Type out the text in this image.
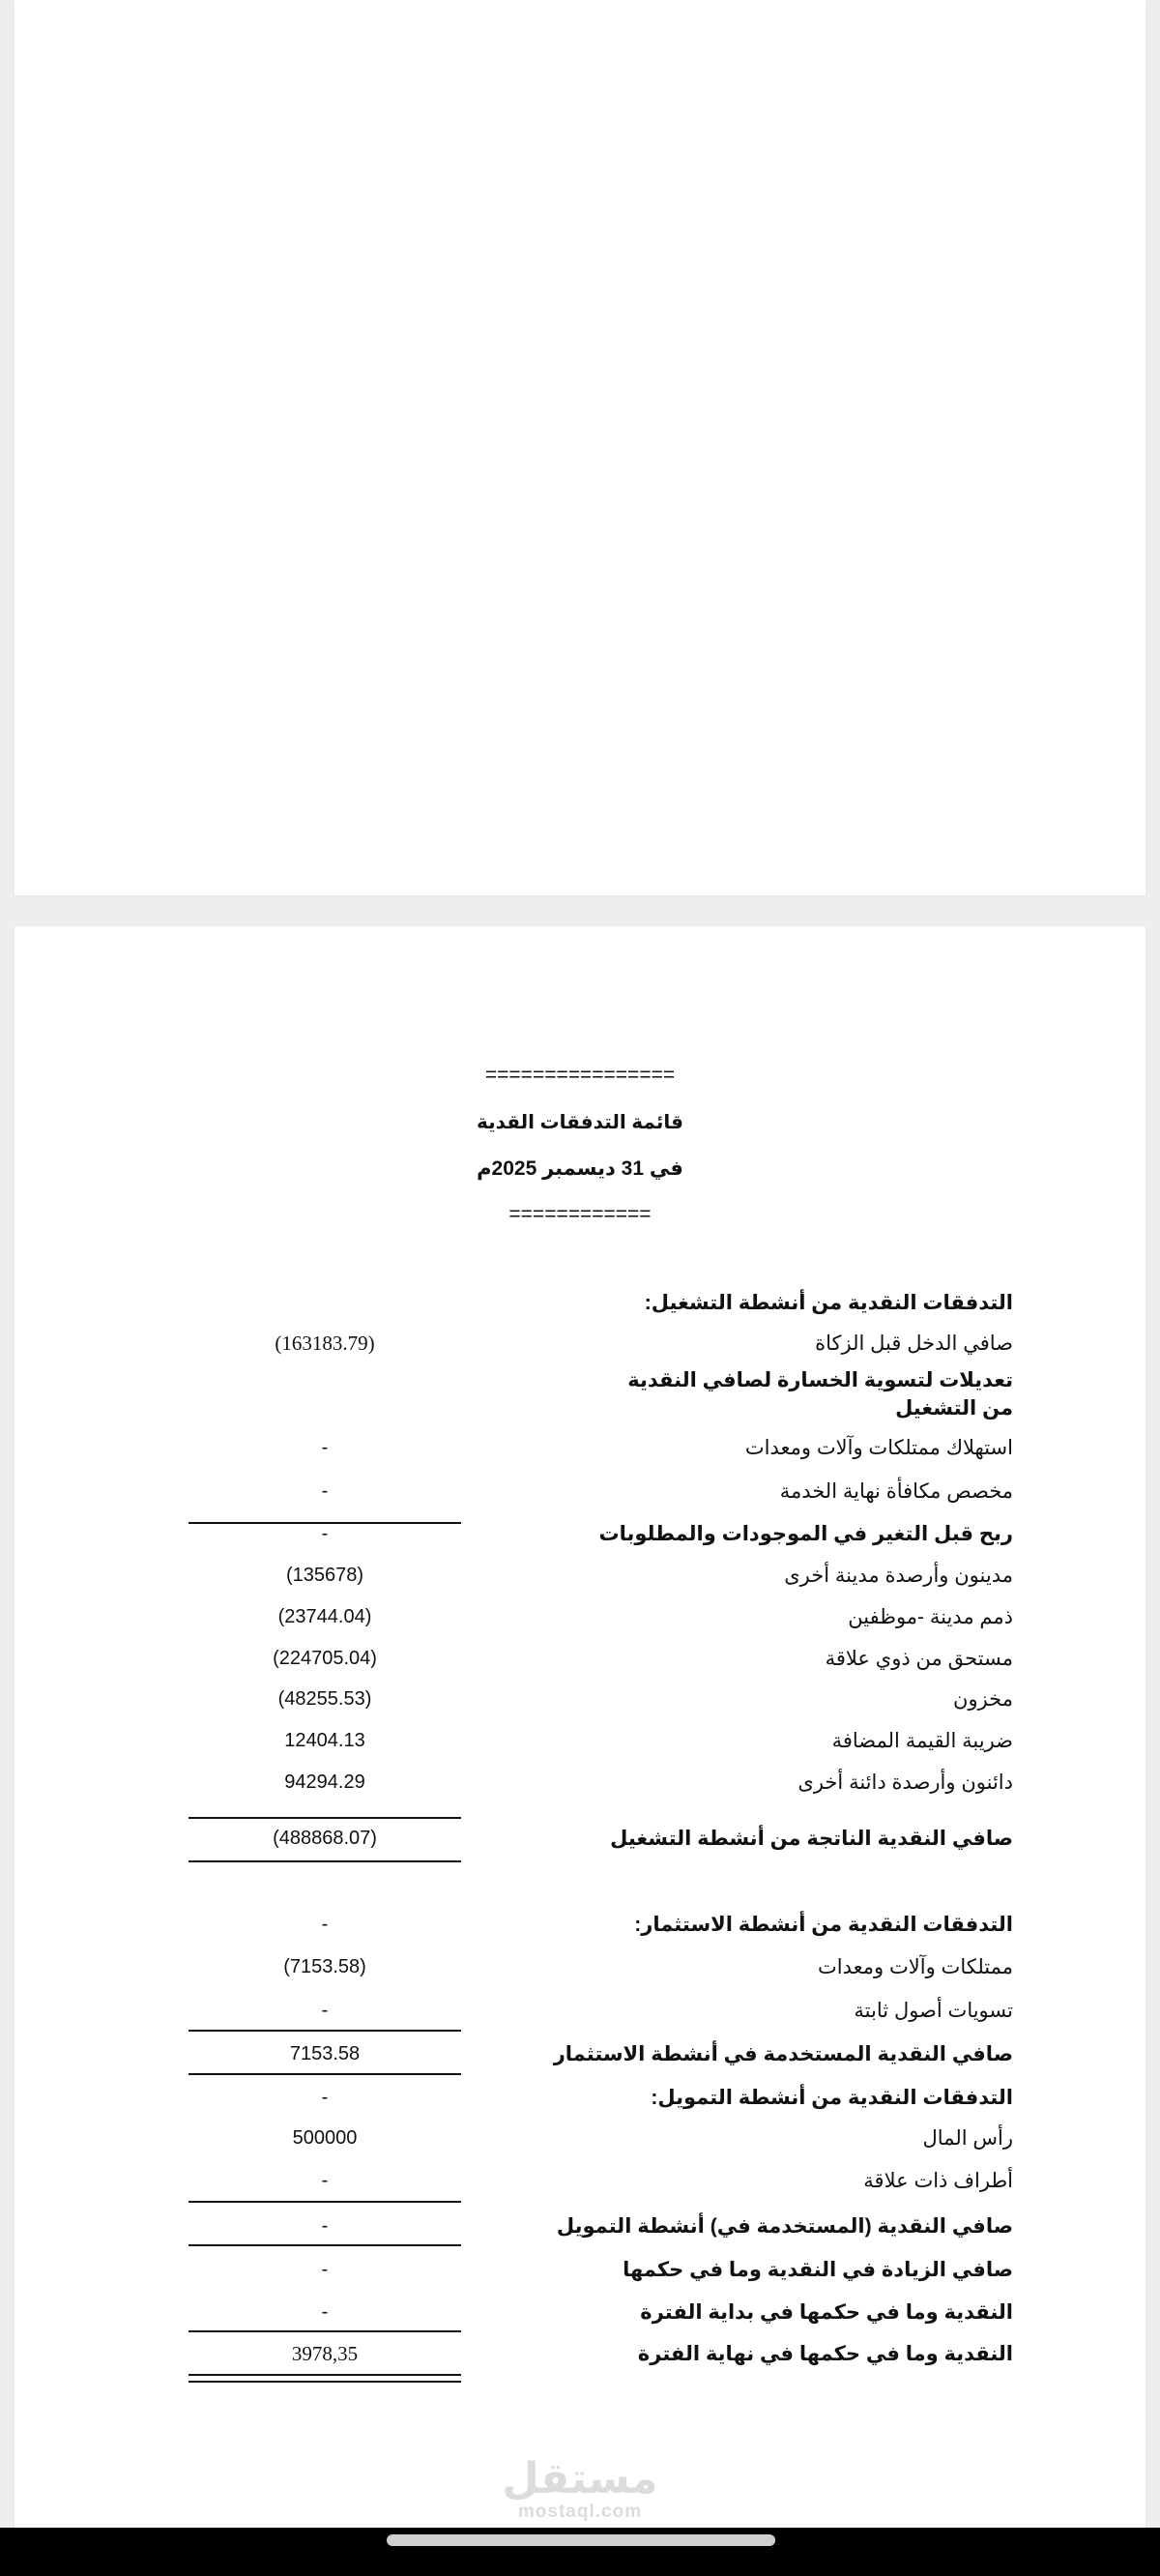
================
قائمة التدفقات القدية
في 31 ديسمبر 2025م
============
التدفقات النقدية من أنشطة التشغيل:
صافي الدخل قبل الزكاة
(163183.79)
تعديلات لتسوية الخسارة لصافي النقدية من التشغيل
استهلاك ممتلكات وآلات ومعدات
-
مخصص مكافأة نهاية الخدمة
-
ربح قبل التغير في الموجودات والمطلوبات
-
مدينون وأرصدة مدينة أخرى
(135678)
ذمم مدينة -موظفين
(23744.04)
مستحق من ذوي علاقة
(224705.04)
مخزون
(48255.53)
ضريبة القيمة المضافة
12404.13
دائنون وأرصدة دائنة أخرى
94294.29
صافي النقدية الناتجة من أنشطة التشغيل
(488868.07)
التدفقات النقدية من أنشطة الاستثمار:
-
ممتلكات وآلات ومعدات
(7153.58)
تسويات أصول ثابتة
-
صافي النقدية المستخدمة في أنشطة الاستثمار
7153.58
التدفقات النقدية من أنشطة التمويل:
-
رأس المال
500000
أطراف ذات علاقة
-
صافي النقدية (المستخدمة في) أنشطة التمويل
-
صافي الزيادة في النقدية وما في حكمها
-
النقدية وما في حكمها في بداية الفترة
-
النقدية وما في حكمها في نهاية الفترة
3978,35
مستقل
mostaql.com
